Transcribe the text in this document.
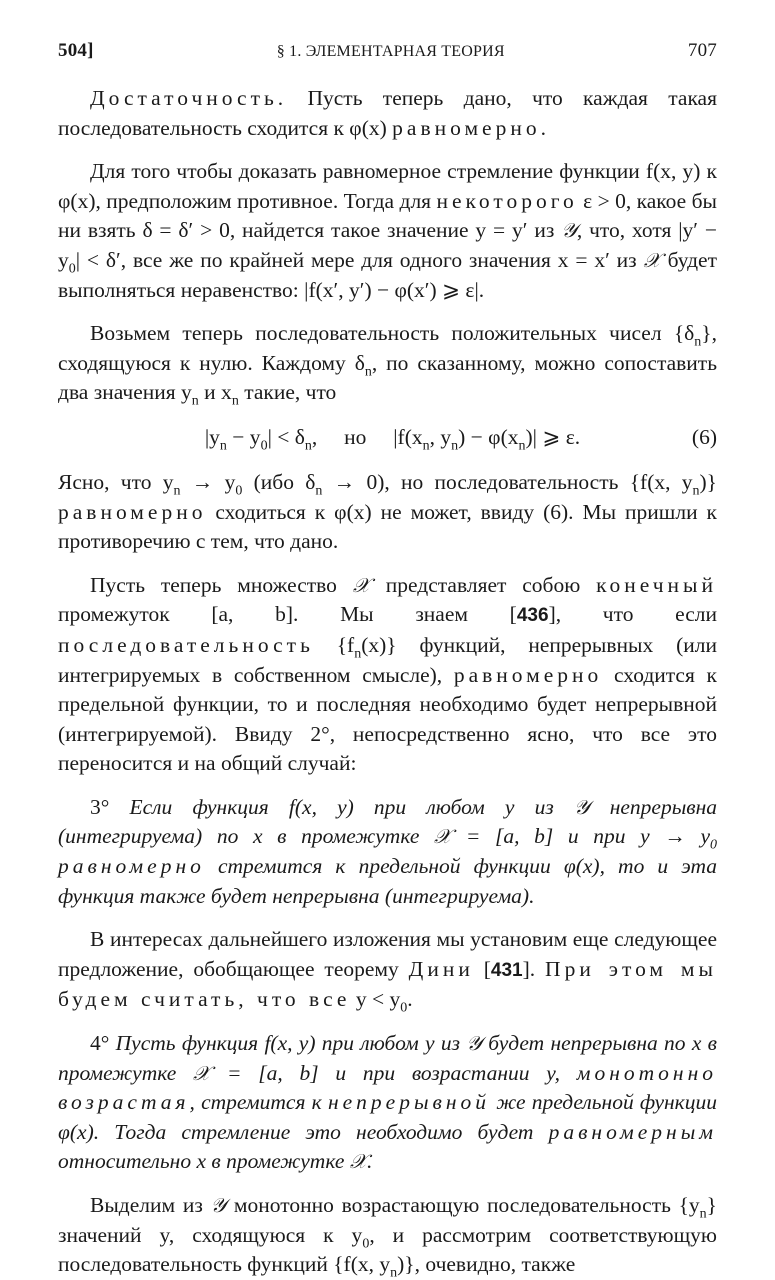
504]	§ 1. ЭЛЕМЕНТАРНАЯ ТЕОРИЯ	707

Достаточность. Пусть теперь дано, что каждая такая последовательность сходится к φ(x) равномерно.

Для того чтобы доказать равномерное стремление функции f(x, y) к φ(x), предположим противное. Тогда для некоторого ε > 0, какое бы ни взять δ = δ′ > 0, найдется такое значение y = y′ из 𝒴, что, хотя $|y' - y_0| < \delta'$, все же по крайней мере для одного значения x = x′ из 𝒳 будет выполняться неравенство: |f(x′, y′) − φ(x′) ⩾ ε|.

Возьмем теперь последовательность положительных чисел $\{\delta_n\}$, сходящуюся к нулю. Каждому $\delta_n$, по сказанному, можно сопоставить два значения $y_n$ и $x_n$ такие, что

$|y_n - y_0| < \delta_n$,     но     $|f(x_n$, $y_n) - \varphi(x_n)|$ ⩾ ε.	(6)

Ясно, что $y_n \to y_0$ (ибо $\delta_n \to 0$), но последовательность {f(x, $y_n$)} равномерно сходиться к φ(x) не может, ввиду (6). Мы пришли к противоречию с тем, что дано.

Пусть теперь множество 𝒳 представляет собою конечный промежуток [a, b]. Мы знаем [436], что если последовательность $\{f_n(x)\}$ функций, непрерывных (или интегрируемых в собственном смысле), равномерно сходится к предельной функции, то и последняя необходимо будет непрерывной (интегрируемой). Ввиду 2°, непосредственно ясно, что все это переносится и на общий случай:

3° Если функция f(x, y) при любом y из 𝒴 непрерывна (интегрируема) по x в промежутке 𝒳 = [a, b] и при $y \to y_0$ равномерно стремится к предельной функции φ(x), то и эта функция также будет непрерывна (интегрируема).

В интересах дальнейшего изложения мы установим еще следующее предложение, обобщающее теорему Дини [431]. При этом мы будем считать, что все $y < y_0$.

4° Пусть функция f(x, y) при любом y из 𝒴 будет непрерывна по x в промежутке 𝒳 = [a, b] и при возрастании y, монотонно возрастая, стремится к непрерывной же предельной функции φ(x). Тогда стремление это необходимо будет равномерным относительно x в промежутке 𝒳.

Выделим из 𝒴 монотонно возрастающую последовательность $\{y_n\}$ значений y, сходящуюся к $y_0$, и рассмотрим соответствующую последовательность функций {f(x, $y_n$)}, очевидно, также
